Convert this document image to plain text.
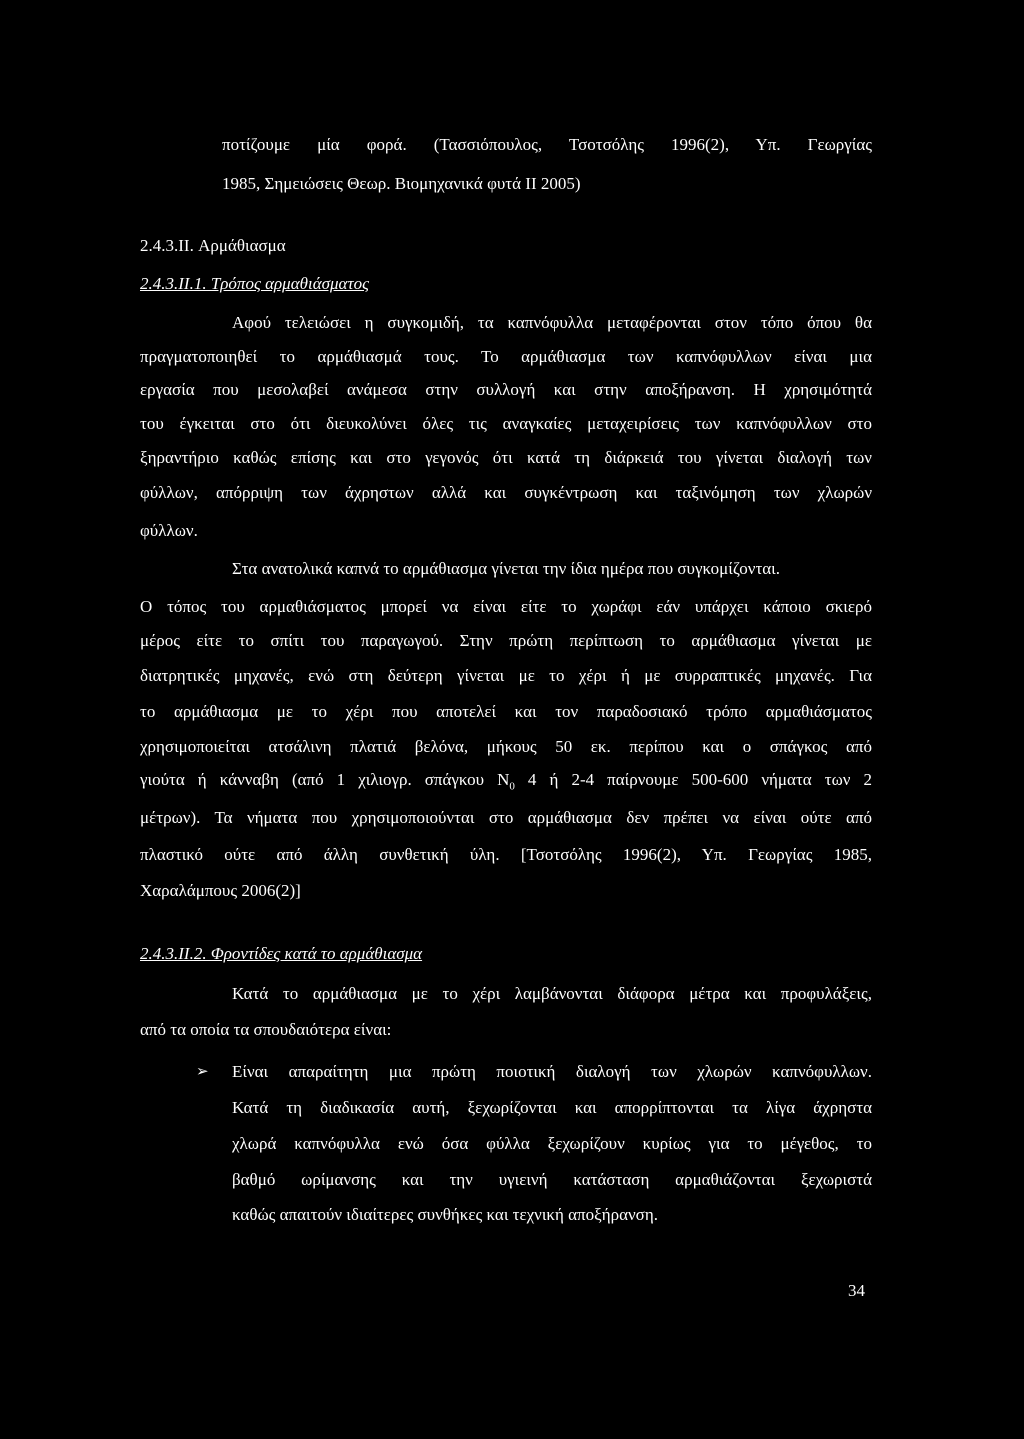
ποτίζουμε μία φορά. (Τασσιόπουλος, Τσοτσόλης 1996(2), Υπ. Γεωργίας

1985, Σημειώσεις Θεωρ. Βιομηχανικά φυτά II 2005)

2.4.3.II. Αρμάθιασμα

2.4.3.II.1. Τρόπος αρμαθιάσματος

Αφού τελειώσει η συγκομιδή, τα καπνόφυλλα μεταφέρονται στον τόπο όπου θα

πραγματοποιηθεί το αρμάθιασμά τους. Το αρμάθιασμα των καπνόφυλλων είναι μια

εργασία που μεσολαβεί ανάμεσα στην συλλογή και στην αποξήρανση. Η χρησιμότητά

του έγκειται στο ότι διευκολύνει όλες τις αναγκαίες μεταχειρίσεις των καπνόφυλλων στο

ξηραντήριο καθώς επίσης και στο γεγονός ότι κατά τη διάρκειά του γίνεται διαλογή των

φύλλων, απόρριψη των άχρηστων αλλά και συγκέντρωση και ταξινόμηση των χλωρών

φύλλων.

Στα ανατολικά καπνά το αρμάθιασμα γίνεται την ίδια ημέρα που συγκομίζονται.

Ο τόπος του αρμαθιάσματος μπορεί να είναι είτε το χωράφι εάν υπάρχει κάποιο σκιερό

μέρος είτε το σπίτι του παραγωγού. Στην πρώτη περίπτωση το αρμάθιασμα γίνεται με

διατρητικές μηχανές, ενώ στη δεύτερη γίνεται με το χέρι ή με συρραπτικές μηχανές. Για

το αρμάθιασμα με το χέρι που αποτελεί και τον παραδοσιακό τρόπο αρμαθιάσματος

χρησιμοποιείται ατσάλινη πλατιά βελόνα, μήκους 50 εκ. περίπου και ο σπάγκος από

γιούτα ή κάνναβη (από 1 χιλιογρ. σπάγκου $N_0$ 4 ή 2-4 παίρνουμε 500-600 νήματα των 2

μέτρων). Τα νήματα που χρησιμοποιούνται στο αρμάθιασμα δεν πρέπει να είναι ούτε από

πλαστικό ούτε από άλλη συνθετική ύλη. [Τσοτσόλης 1996(2), Υπ. Γεωργίας 1985,

Χαραλάμπους 2006(2)]

2.4.3.II.2. Φροντίδες κατά το αρμάθιασμα

Κατά το αρμάθιασμα με το χέρι λαμβάνονται διάφορα μέτρα και προφυλάξεις,

από τα οποία τα σπουδαιότερα είναι:

➢ Είναι απαραίτητη μια πρώτη ποιοτική διαλογή των χλωρών καπνόφυλλων.

Κατά τη διαδικασία αυτή, ξεχωρίζονται και απορρίπτονται τα λίγα άχρηστα

χλωρά καπνόφυλλα ενώ όσα φύλλα ξεχωρίζουν κυρίως για το μέγεθος, το

βαθμό ωρίμανσης και την υγιεινή κατάσταση αρμαθιάζονται ξεχωριστά

καθώς απαιτούν ιδιαίτερες συνθήκες και τεχνική αποξήρανση.

34
